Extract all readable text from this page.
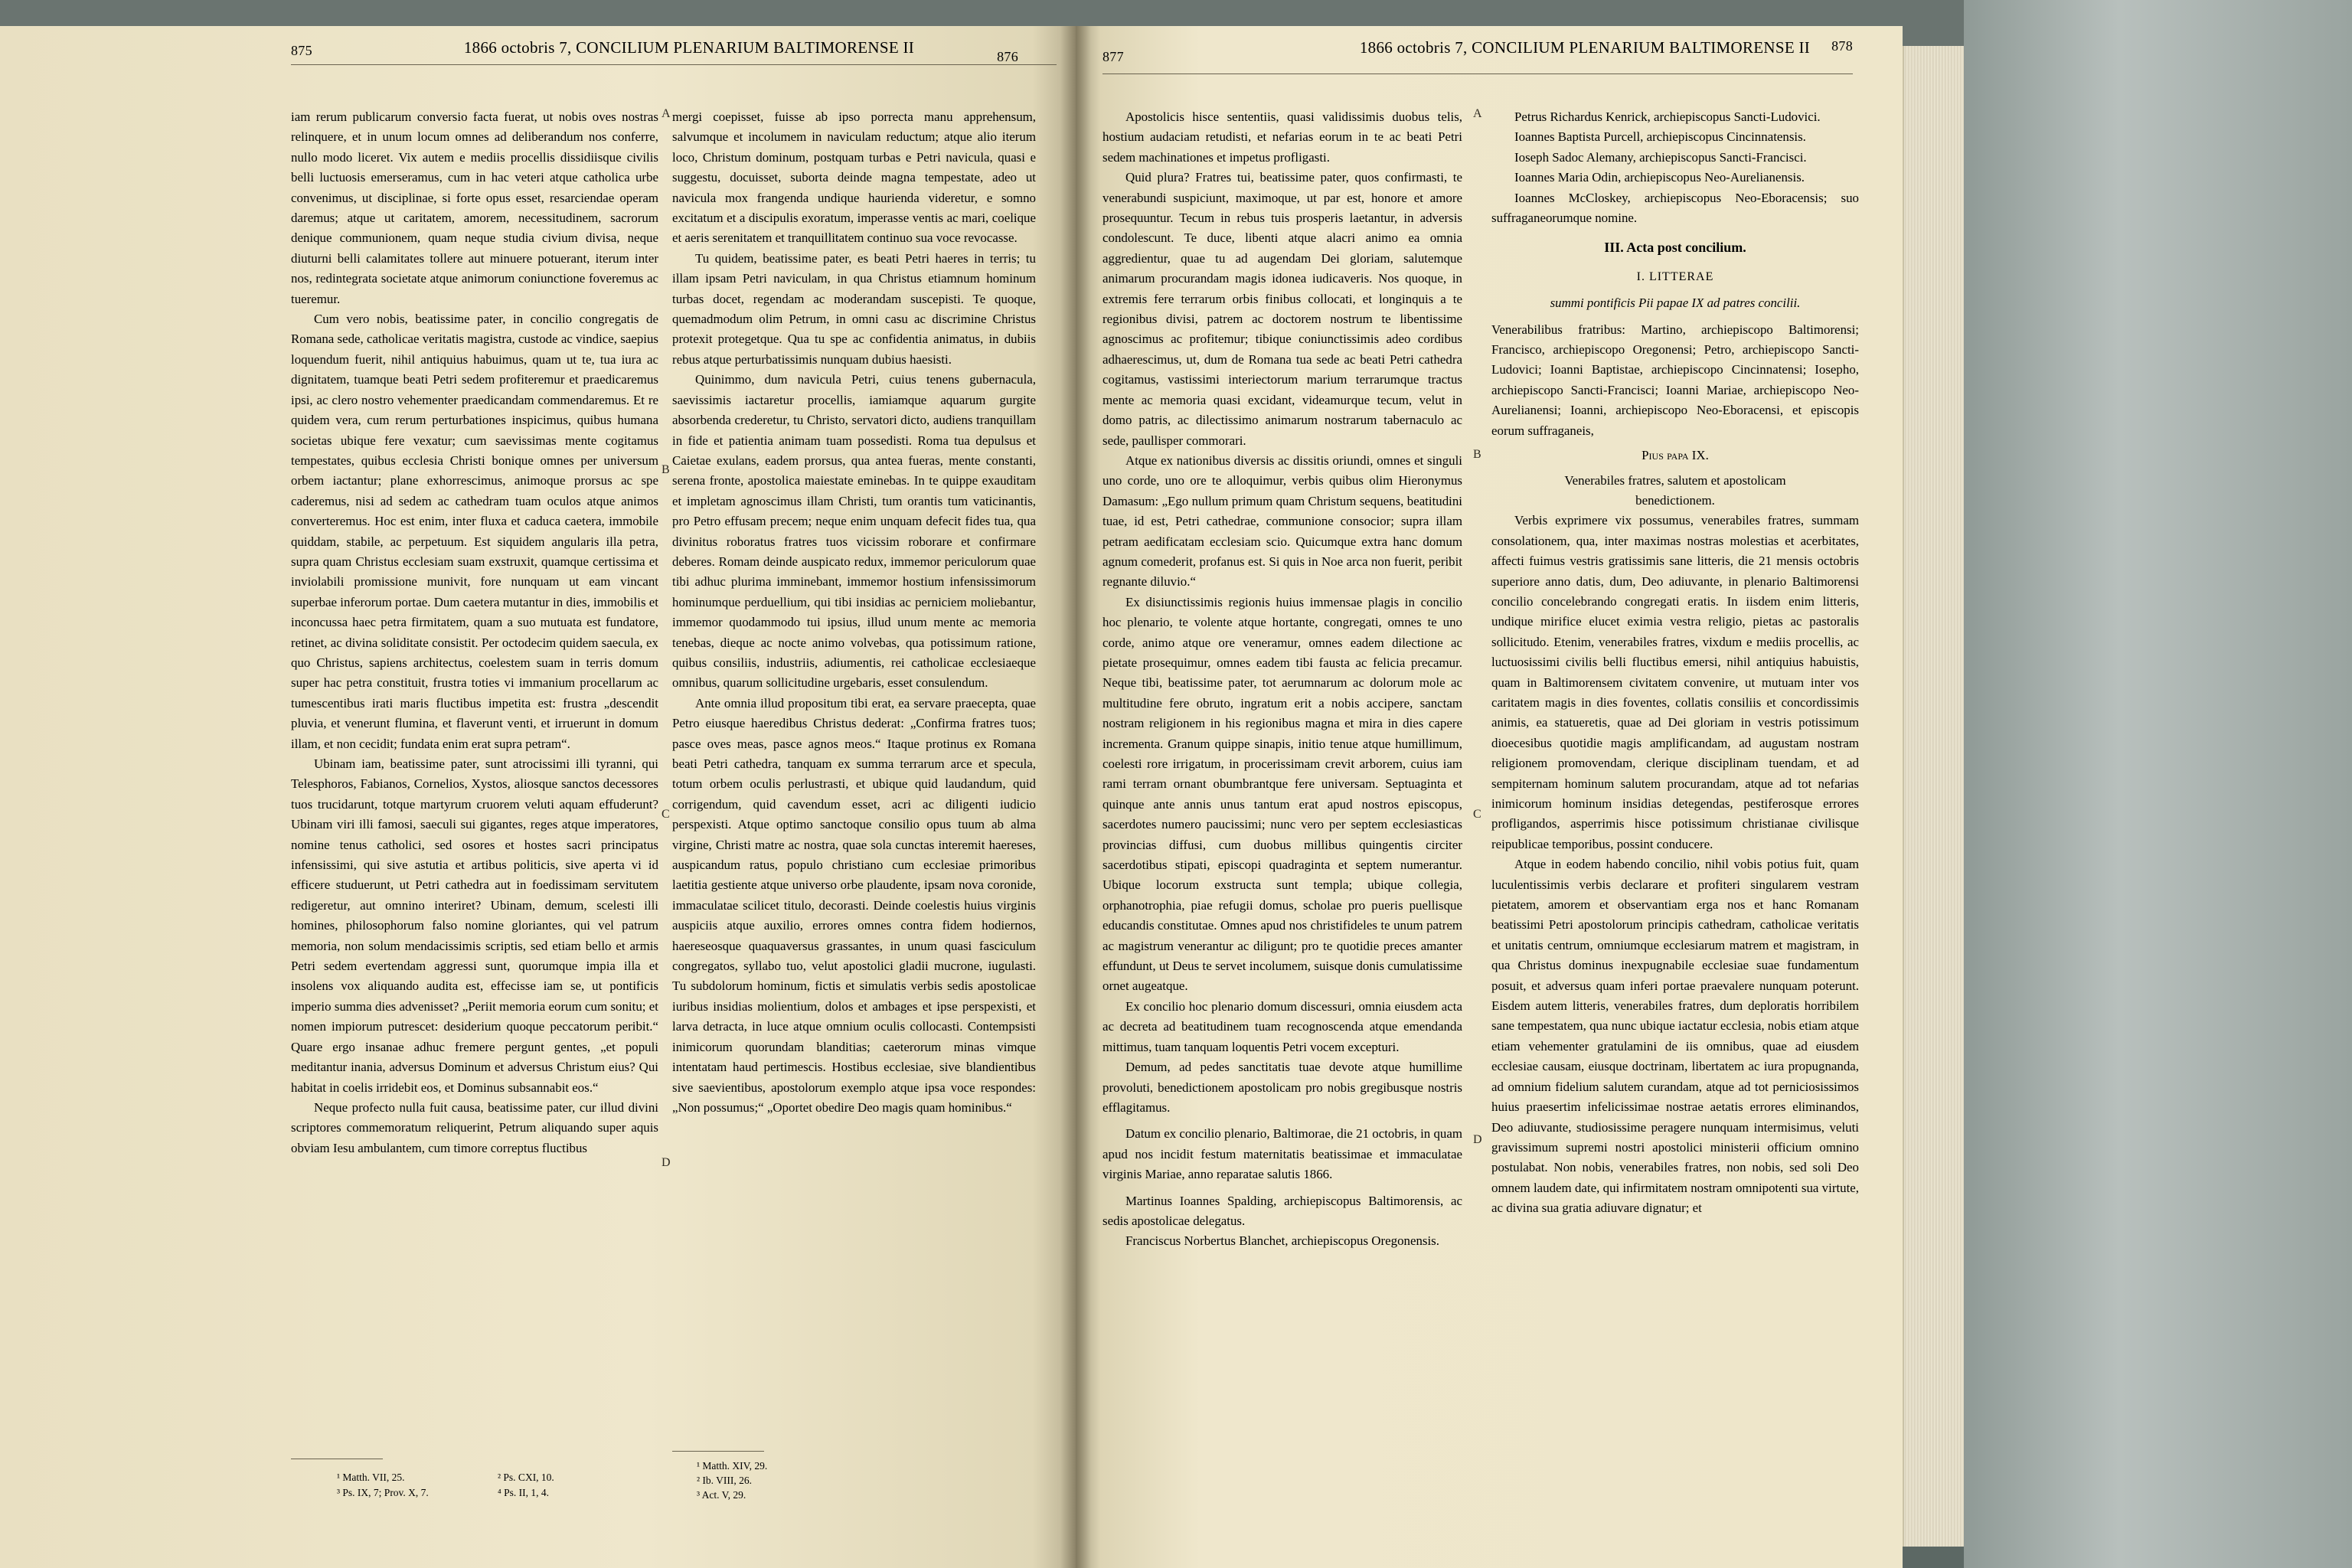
875	1866 octobris 7, CONCILIUM PLENARIUM BALTIMORENSE II	876	877	1866 octobris 7, CONCILIUM PLENARIUM BALTIMORENSE II	878

iam rerum publicarum conversio facta fuerat, ut nobis oves nostras relinquere, et in unum locum omnes ad deliberandum nos conferre, nullo modo liceret. Vix autem e mediis procellis dissidiisque civilis belli luctuosis emerseramus, cum in hac veteri atque catholica urbe convenimus, ut disciplinae, si forte opus esset, resarciendae operam daremus; atque ut caritatem, amorem, necessitudinem, sacrorum denique communionem, quam neque studia civium divisa, neque diuturni belli calamitates tollere aut minuere potuerant, iterum inter nos, redintegrata societate atque animorum coniunctione foveremus ac tueremur.

Cum vero nobis, beatissime pater, in concilio congregatis de Romana sede, catholicae veritatis magistra, custode ac vindice, saepius loquendum fuerit, nihil antiquius habuimus, quam ut te, tua iura ac dignitatem, tuamque beati Petri sedem profiteremur et praedicaremus ipsi, ac clero nostro vehementer praedicandam commendaremus. Et re quidem vera, cum rerum perturbationes inspicimus, quibus humana societas ubique fere vexatur; cum saevissimas mente cogitamus tempestates, quibus ecclesia Christi bonique omnes per universum orbem iactantur; plane exhorrescimus, animoque prorsus ac spe caderemus, nisi ad sedem ac cathedram tuam oculos atque animos converteremus. Hoc est enim, inter fluxa et caduca caetera, immobile quiddam, stabile, ac perpetuum. Est siquidem angularis illa petra, supra quam Christus ecclesiam suam exstruxit, quamque certissima et inviolabili promissione munivit, fore nunquam ut eam vincant superbae inferorum portae. Dum caetera mutantur in dies, immobilis et inconcussa haec petra firmitatem, quam a suo mutuata est fundatore, retinet, ac divina soliditate consistit. Per octodecim quidem saecula, ex quo Christus, sapiens architectus, coelestem suam in terris domum super hac petra constituit, frustra toties vi immanium procellarum ac tumescentibus irati maris fluctibus impetita est: frustra „descendit pluvia, et venerunt flumina, et flaverunt venti, et irruerunt in domum illam, et non cecidit; fundata enim erat supra petram“.

Ubinam iam, beatissime pater, sunt atrocissimi illi tyranni, qui Telesphoros, Fabianos, Cornelios, Xystos, aliosque sanctos decessores tuos trucidarunt, totque martyrum cruorem veluti aquam effuderunt? Ubinam viri illi famosi, saeculi sui gigantes, reges atque imperatores, nomine tenus catholici, sed osores et hostes sacri principatus infensissimi, qui sive astutia et artibus politicis, sive aperta vi id efficere studuerunt, ut Petri cathedra aut in foedissimam servitutem redigeretur, aut omnino interiret? Ubinam, demum, scelesti illi homines, philosophorum falso nomine gloriantes, qui vel patrum memoria, non solum mendacissimis scriptis, sed etiam bello et armis Petri sedem evertendam aggressi sunt, quorumque impia illa et insolens vox aliquando audita est, effecisse iam se, ut pontificis imperio summa dies advenisset? „Periit memoria eorum cum sonitu; et nomen impiorum putrescet: desiderium quoque peccatorum peribit.“ Quare ergo insanae adhuc fremere pergunt gentes, „et populi meditantur inania, adversus Dominum et adversus Christum eius? Qui habitat in coelis irridebit eos, et Dominus subsannabit eos.“

Neque profecto nulla fuit causa, beatissime pater, cur illud divini scriptores commemoratum reliquerint, Petrum aliquando super aquis obviam Iesu ambulantem, cum timore correptus fluctibus

¹ Matth. VII, 25.	² Ps. CXI, 10.
³ Ps. IX, 7; Prov. X, 7.	⁴ Ps. II, 1, 4.
A
B
C
D

mergi coepisset, fuisse ab ipso porrecta manu apprehensum, salvumque et incolumem in naviculam reductum; atque alio iterum loco, Christum dominum, postquam turbas e Petri navicula, quasi e suggestu, docuisset, suborta deinde magna tempestate, adeo ut navicula mox frangenda undique haurienda videretur, e somno excitatum et a discipulis exoratum, imperasse ventis ac mari, coelique et aeris serenitatem et tranquillitatem continuo sua voce revocasse.

Tu quidem, beatissime pater, es beati Petri haeres in terris; tu illam ipsam Petri naviculam, in qua Christus etiamnum hominum turbas docet, regendam ac moderandam suscepisti. Te quoque, quemadmodum olim Petrum, in omni casu ac discrimine Christus protexit protegetque. Qua tu spe ac confidentia animatus, in dubiis rebus atque perturbatissimis nunquam dubius haesisti.

Quinimmo, dum navicula Petri, cuius tenens gubernacula, saevissimis iactaretur procellis, iamiamque aquarum gurgite absorbenda crederetur, tu Christo, servatori dicto, audiens tranquillam in fide et patientia animam tuam possedisti. Roma tua depulsus et Caietae exulans, eadem prorsus, qua antea fueras, mente constanti, serena fronte, apostolica maiestate eminebas. In te quippe exauditam et impletam agnoscimus illam Christi, tum orantis tum vaticinantis, pro Petro effusam precem; neque enim unquam defecit fides tua, qua divinitus roboratus fratres tuos vicissim roborare et confirmare deberes. Romam deinde auspicato redux, immemor periculorum quae tibi adhuc plurima imminebant, immemor hostium infensissimorum hominumque perduellium, qui tibi insidias ac perniciem moliebantur, immemor quodammodo tui ipsius, illud unum mente ac memoria tenebas, dieque ac nocte animo volvebas, qua potissimum ratione, quibus consiliis, industriis, adiumentis, rei catholicae ecclesiaeque omnibus, quarum sollicitudine urgebaris, esset consulendum.

Ante omnia illud propositum tibi erat, ea servare praecepta, quae Petro eiusque haeredibus Christus dederat: „Confirma fratres tuos; pasce oves meas, pasce agnos meos.“ Itaque protinus ex Romana beati Petri cathedra, tanquam ex summa terrarum arce et specula, totum orbem oculis perlustrasti, et ubique quid laudandum, quid corrigendum, quid cavendum esset, acri ac diligenti iudicio perspexisti. Atque optimo sanctoque consilio opus tuum ab alma virgine, Christi matre ac nostra, quae sola cunctas interemit haereses, auspicandum ratus, populo christiano cum ecclesiae primoribus laetitia gestiente atque universo orbe plaudente, ipsam nova coronide, immaculatae scilicet titulo, decorasti. Deinde coelestis huius virginis auspiciis atque auxilio, errores omnes contra fidem hodiernos, haereseosque quaquaversus grassantes, in unum quasi fasciculum congregatos, syllabo tuo, velut apostolici gladii mucrone, iugulasti. Tu subdolorum hominum, fictis et simulatis verbis sedis apostolicae iuribus insidias molientium, dolos et ambages et ipse perspexisti, et larva detracta, in luce atque omnium oculis collocasti. Contempsisti inimicorum quorundam blanditias; caeterorum minas vimque intentatam haud pertimescis. Hostibus ecclesiae, sive blandientibus sive saevientibus, apostolorum exemplo atque ipsa voce respondes: „Non possumus;“ „Oportet obedire Deo magis quam hominibus.“

¹ Matth. XIV, 29.
² Ib. VIII, 26.
³ Act. V, 29.

Apostolicis hisce sententiis, quasi validissimis duobus telis, hostium audaciam retudisti, et nefarias eorum in te ac beati Petri sedem machinationes et impetus profligasti.

Quid plura? Fratres tui, beatissime pater, quos confirmasti, te venerabundi suspiciunt, maximoque, ut par est, honore et amore prosequuntur. Tecum in rebus tuis prosperis laetantur, in adversis condolescunt. Te duce, libenti atque alacri animo ea omnia aggredientur, quae tu ad augendam Dei gloriam, salutemque animarum procurandam magis idonea iudicaveris. Nos quoque, in extremis fere terrarum orbis finibus collocati, et longinquis a te regionibus divisi, patrem ac doctorem nostrum te libentissime agnoscimus ac profitemur; tibique coniunctissimis adeo cordibus adhaerescimus, ut, dum de Romana tua sede ac beati Petri cathedra cogitamus, vastissimi interiectorum marium terrarumque tractus mente ac memoria quasi excidant, videamurque tecum, velut in domo patris, ac dilectissimo animarum nostrarum tabernaculo ac sede, paullisper commorari.

Atque ex nationibus diversis ac dissitis oriundi, omnes et singuli uno corde, uno ore te alloquimur, verbis quibus olim Hieronymus Damasum: „Ego nullum primum quam Christum sequens, beatitudini tuae, id est, Petri cathedrae, communione consocior; supra illam petram aedificatam ecclesiam scio. Quicumque extra hanc domum agnum comederit, profanus est. Si quis in Noe arca non fuerit, peribit regnante diluvio.“

Ex disiunctissimis regionis huius immensae plagis in concilio hoc plenario, te volente atque hortante, congregati, omnes te uno corde, animo atque ore veneramur, omnes eadem dilectione ac pietate prosequimur, omnes eadem tibi fausta ac felicia precamur. Neque tibi, beatissime pater, tot aerumnarum ac dolorum mole ac multitudine fere obruto, ingratum erit a nobis accipere, sanctam nostram religionem in his regionibus magna et mira in dies capere incrementa. Granum quippe sinapis, initio tenue atque humillimum, coelesti rore irrigatum, in procerissimam crevit arborem, cuius iam rami terram ornant obumbrantque fere universam. Septuaginta et quinque ante annis unus tantum erat apud nostros episcopus, sacerdotes numero paucissimi; nunc vero per septem ecclesiasticas provincias diffusi, cum duobus millibus quingentis circiter sacerdotibus stipati, episcopi quadraginta et septem numerantur. Ubique locorum exstructa sunt templa; ubique collegia, orphanotrophia, piae refugii domus, scholae pro pueris puellisque educandis constitutae. Omnes apud nos christifideles te unum patrem ac magistrum venerantur ac diligunt; pro te quotidie preces amanter effundunt, ut Deus te servet incolumem, suisque donis cumulatissime ornet augeatque.

Ex concilio hoc plenario domum discessuri, omnia eiusdem acta ac decreta ad beatitudinem tuam recognoscenda atque emendanda mittimus, tuam tanquam loquentis Petri vocem excepturi.

Demum, ad pedes sanctitatis tuae devote atque humillime provoluti, benedictionem apostolicam pro nobis gregibusque nostris efflagitamus.

Datum ex concilio plenario, Baltimorae, die 21 octobris, in quam apud nos incidit festum maternitatis beatissimae et immaculatae virginis Mariae, anno reparatae salutis 1866.

Martinus Ioannes Spalding, archiepiscopus Baltimorensis, ac sedis apostolicae delegatus.

Franciscus Norbertus Blanchet, archiepiscopus Oregonensis.

A
B
C
D

Petrus Richardus Kenrick, archiepiscopus Sancti-Ludovici.

Ioannes Baptista Purcell, archiepiscopus Cincinnatensis.

Ioseph Sadoc Alemany, archiepiscopus Sancti-Francisci.

Ioannes Maria Odin, archiepiscopus Neo-Aurelianensis.

Ioannes McCloskey, archiepiscopus Neo-Eboracensis; suo suffraganeorumque nomine.

III. Acta post concilium.
I. LITTERAE
summi pontificis Pii papae IX ad patres concilii.

Venerabilibus fratribus: Martino, archiepiscopo Baltimorensi; Francisco, archiepiscopo Oregonensi; Petro, archiepiscopo Sancti-Ludovici; Ioanni Baptistae, archiepiscopo Cincinnatensi; Iosepho, archiepiscopo Sancti-Francisci; Ioanni Mariae, archiepiscopo Neo-Aurelianensi; Ioanni, archiepiscopo Neo-Eboracensi, et episcopis eorum suffraganeis,

Pius papa IX.
Venerabiles fratres, salutem et apostolicam benedictionem.

Verbis exprimere vix possumus, venerabiles fratres, summam consolationem, qua, inter maximas nostras molestias et acerbitates, affecti fuimus vestris gratissimis sane litteris, die 21 mensis octobris superiore anno datis, dum, Deo adiuvante, in plenario Baltimorensi concilio concelebrando congregati eratis. In iisdem enim litteris, undique mirifice elucet eximia vestra religio, pietas ac pastoralis sollicitudo. Etenim, venerabiles fratres, vixdum e mediis procellis, ac luctuosissimi civilis belli fluctibus emersi, nihil antiquius habuistis, quam in Baltimorensem civitatem convenire, ut mutuam inter vos caritatem magis in dies foventes, collatis consiliis et concordissimis animis, ea statueretis, quae ad Dei gloriam in vestris potissimum dioecesibus quotidie magis amplificandam, ad augustam nostram religionem promovendam, clerique disciplinam tuendam, et ad sempiternam hominum salutem procurandam, atque ad tot nefarias inimicorum hominum insidias detegendas, pestiferosque errores profligandos, asperrimis hisce potissimum christianae civilisque reipublicae temporibus, possint conducere.

Atque in eodem habendo concilio, nihil vobis potius fuit, quam luculentissimis verbis declarare et profiteri singularem vestram pietatem, amorem et observantiam erga nos et hanc Romanam beatissimi Petri apostolorum principis cathedram, catholicae veritatis et unitatis centrum, omniumque ecclesiarum matrem et magistram, in qua Christus dominus inexpugnabile ecclesiae suae fundamentum posuit, et adversus quam inferi portae praevalere nunquam poterunt. Eisdem autem litteris, venerabiles fratres, dum deploratis horribilem sane tempestatem, qua nunc ubique iactatur ecclesia, nobis etiam atque etiam vehementer gratulamini de iis omnibus, quae ad eiusdem ecclesiae causam, eiusque doctrinam, libertatem ac iura propugnanda, ad omnium fidelium salutem curandam, atque ad tot perniciosissimos huius praesertim infelicissimae nostrae aetatis errores eliminandos, Deo adiuvante, studiosissime peragere nunquam intermisimus, veluti gravissimum supremi nostri apostolici ministerii officium omnino postulabat. Non nobis, venerabiles fratres, non nobis, sed soli Deo omnem laudem date, qui infirmitatem nostram omnipotenti sua virtute, ac divina sua gratia adiuvare dignatur; et
